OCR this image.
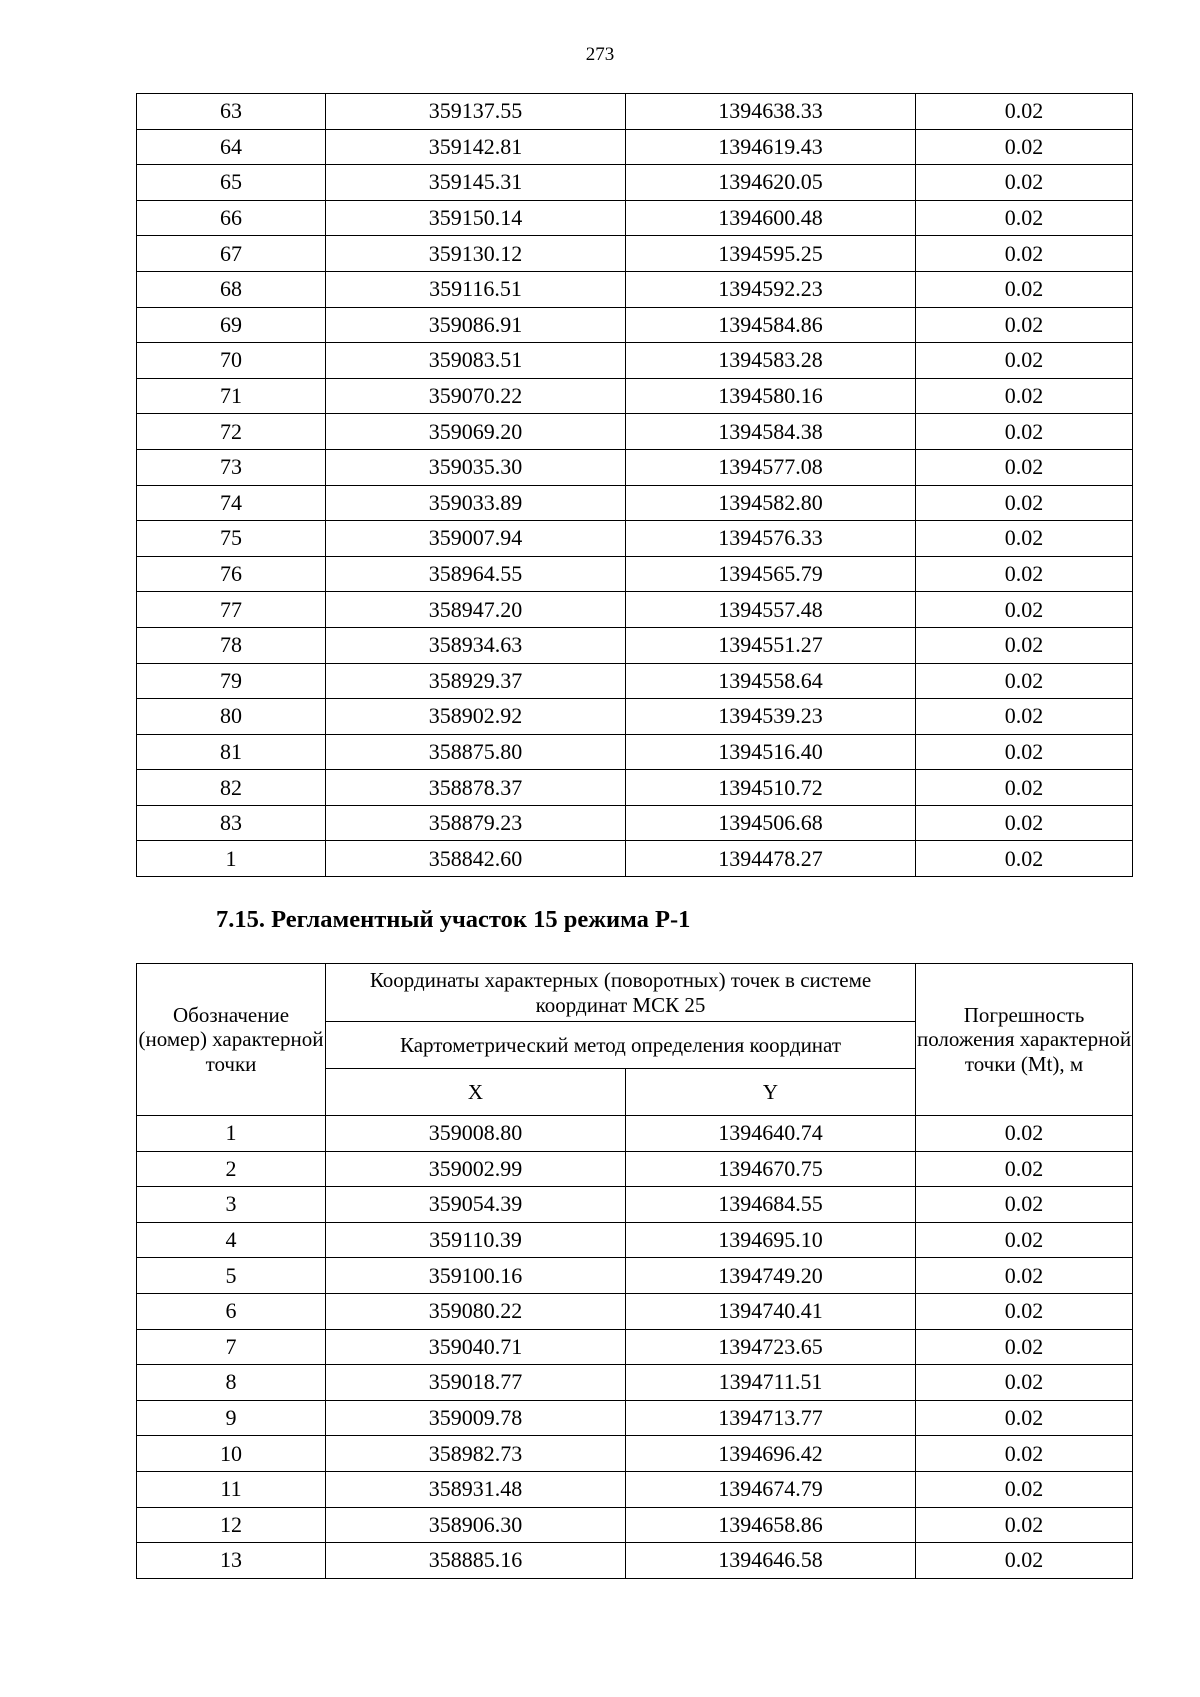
273
63	359137.55	1394638.33	0.02
64	359142.81	1394619.43	0.02
65	359145.31	1394620.05	0.02
66	359150.14	1394600.48	0.02
67	359130.12	1394595.25	0.02
68	359116.51	1394592.23	0.02
69	359086.91	1394584.86	0.02
70	359083.51	1394583.28	0.02
71	359070.22	1394580.16	0.02
72	359069.20	1394584.38	0.02
73	359035.30	1394577.08	0.02
74	359033.89	1394582.80	0.02
75	359007.94	1394576.33	0.02
76	358964.55	1394565.79	0.02
77	358947.20	1394557.48	0.02
78	358934.63	1394551.27	0.02
79	358929.37	1394558.64	0.02
80	358902.92	1394539.23	0.02
81	358875.80	1394516.40	0.02
82	358878.37	1394510.72	0.02
83	358879.23	1394506.68	0.02
1	358842.60	1394478.27	0.02
7.15. Регламентный участок 15 режима Р-1
Обозначение (номер) характерной точки	Координаты характерных (поворотных) точек в системе координат МСК 25		Погрешность положения характерной точки (Mt), м
	Картометрический метод определения координат		
	X	Y	
1	359008.80	1394640.74	0.02
2	359002.99	1394670.75	0.02
3	359054.39	1394684.55	0.02
4	359110.39	1394695.10	0.02
5	359100.16	1394749.20	0.02
6	359080.22	1394740.41	0.02
7	359040.71	1394723.65	0.02
8	359018.77	1394711.51	0.02
9	359009.78	1394713.77	0.02
10	358982.73	1394696.42	0.02
11	358931.48	1394674.79	0.02
12	358906.30	1394658.86	0.02
13	358885.16	1394646.58	0.02
